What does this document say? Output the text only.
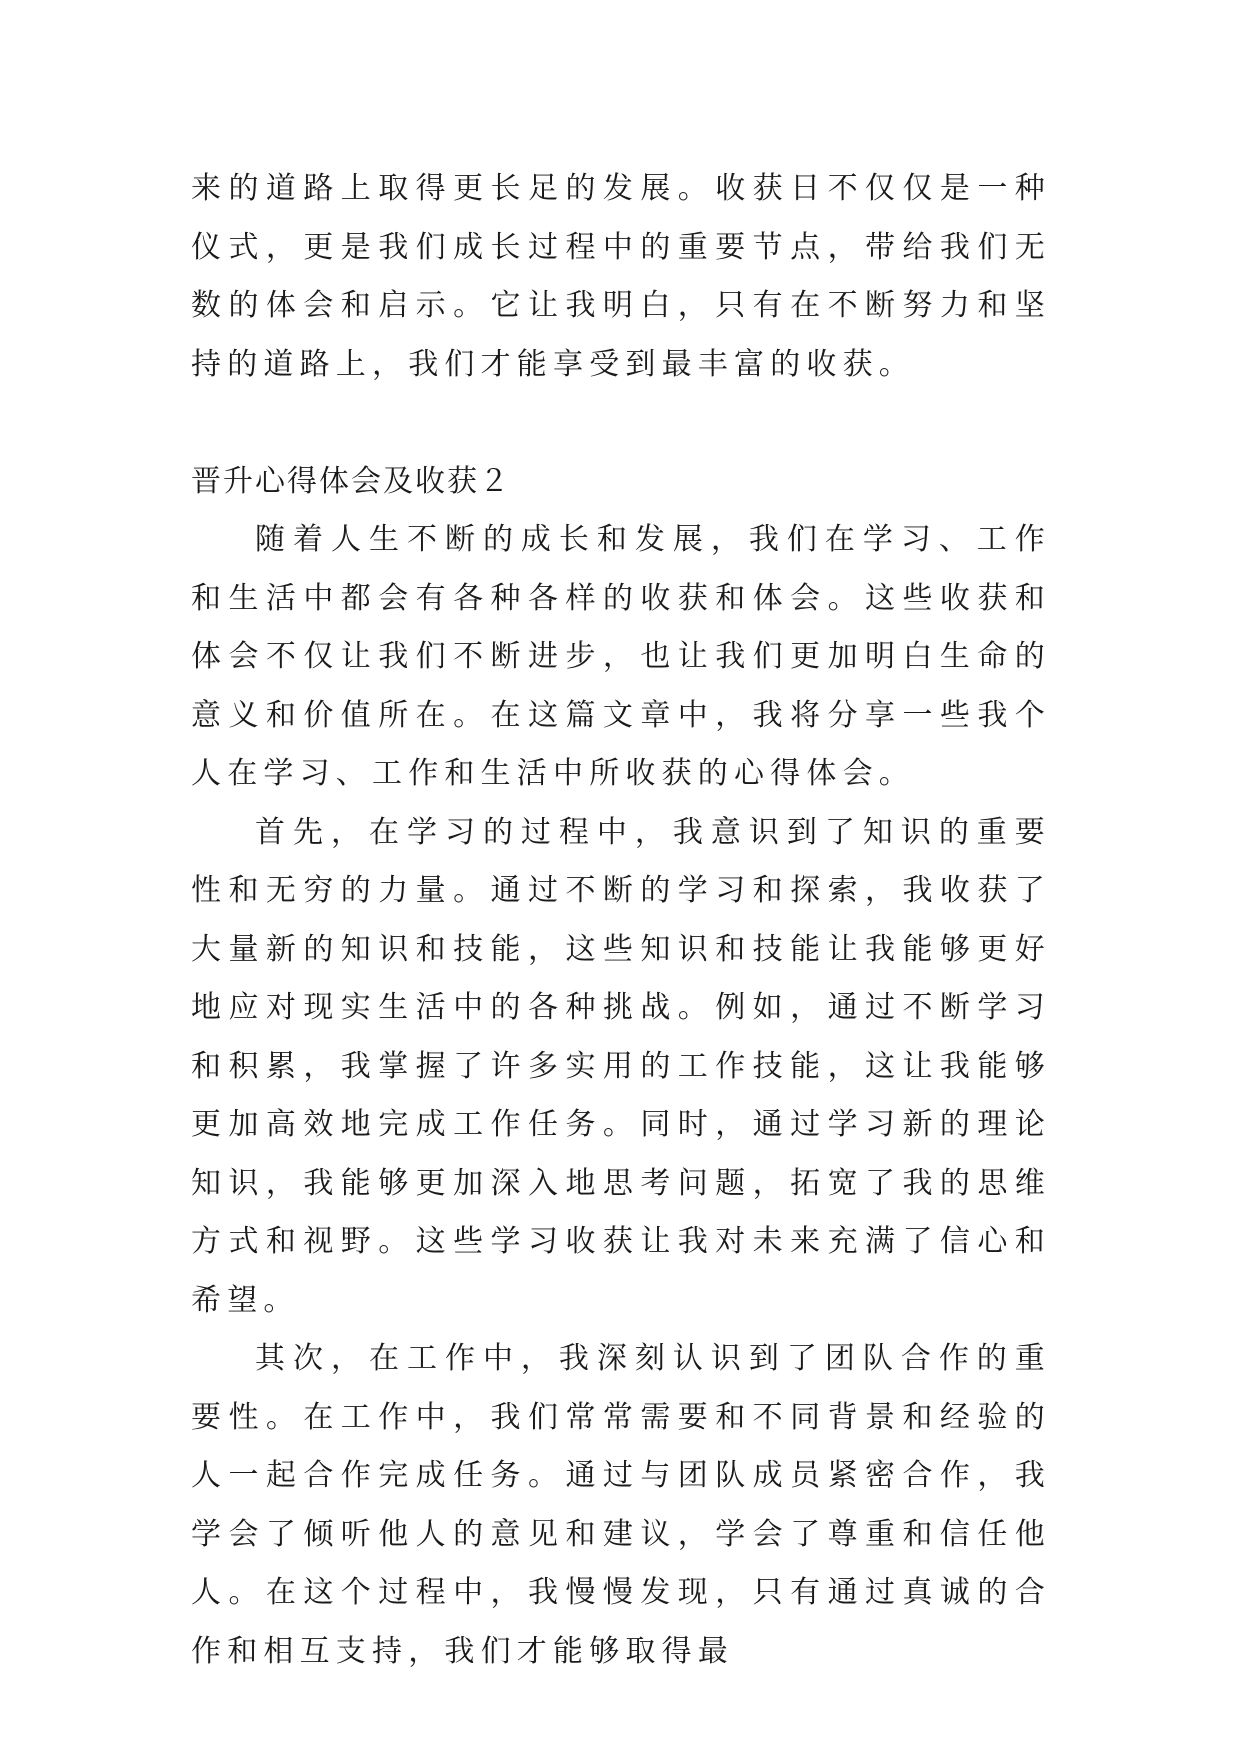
来的道路上取得更长足的发展。收获日不仅仅是一种仪式，更是我们成长过程中的重要节点，带给我们无数的体会和启示。它让我明白，只有在不断努力和坚持的道路上，我们才能享受到最丰富的收获。

晋升心得体会及收获２

随着人生不断的成长和发展，我们在学习、工作和生活中都会有各种各样的收获和体会。这些收获和体会不仅让我们不断进步，也让我们更加明白生命的意义和价值所在。在这篇文章中，我将分享一些我个人在学习、工作和生活中所收获的心得体会。

首先，在学习的过程中，我意识到了知识的重要性和无穷的力量。通过不断的学习和探索，我收获了大量新的知识和技能，这些知识和技能让我能够更好地应对现实生活中的各种挑战。例如，通过不断学习和积累，我掌握了许多实用的工作技能，这让我能够更加高效地完成工作任务。同时，通过学习新的理论知识，我能够更加深入地思考问题，拓宽了我的思维方式和视野。这些学习收获让我对未来充满了信心和希望。

其次，在工作中，我深刻认识到了团队合作的重要性。在工作中，我们常常需要和不同背景和经验的人一起合作完成任务。通过与团队成员紧密合作，我学会了倾听他人的意见和建议，学会了尊重和信任他人。在这个过程中，我慢慢发现，只有通过真诚的合作和相互支持，我们才能够取得最
